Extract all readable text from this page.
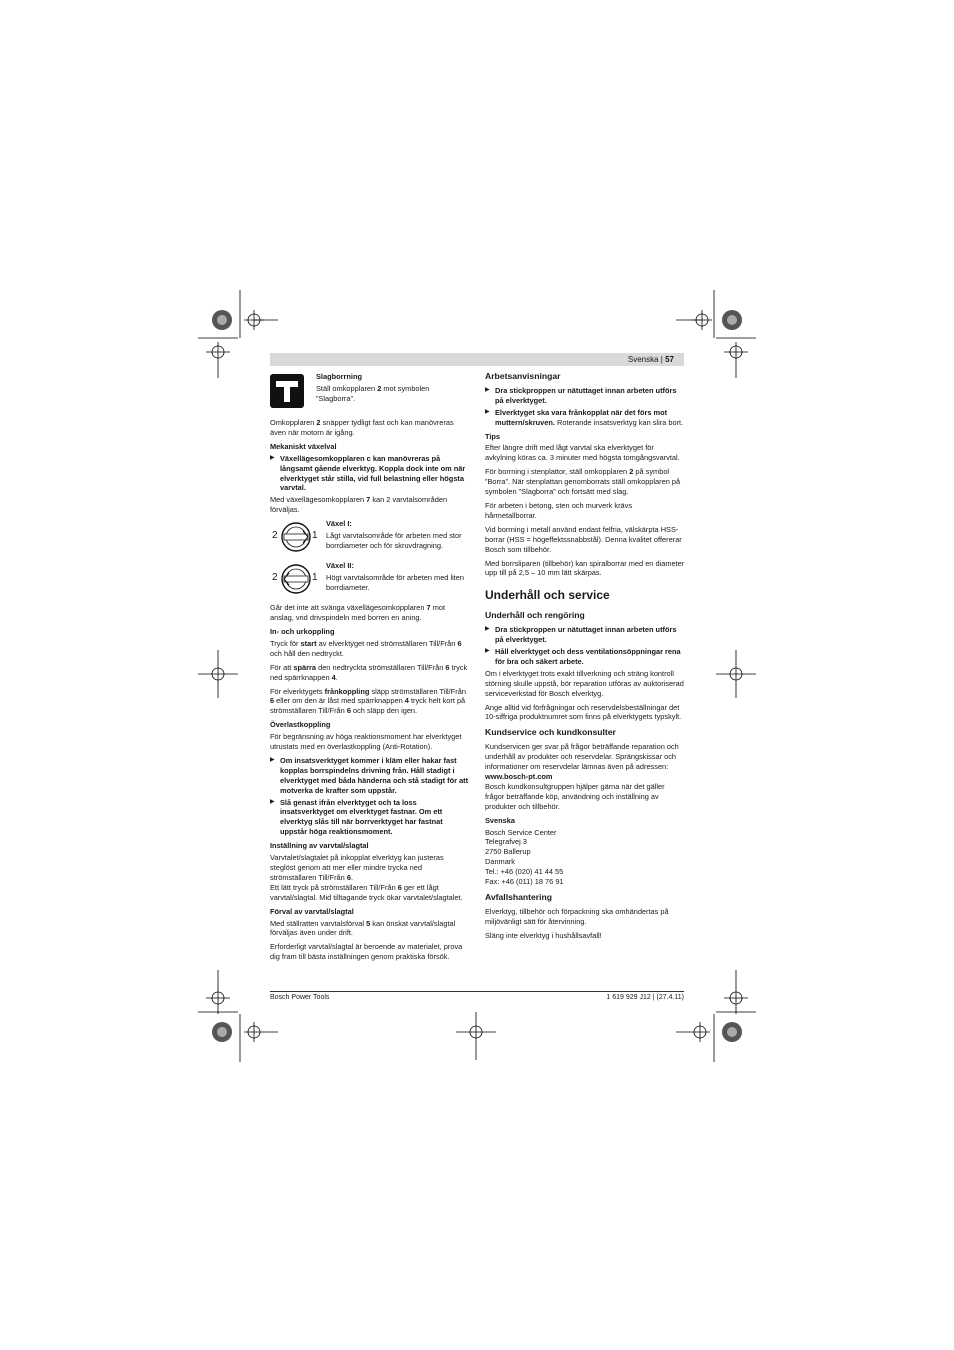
Svenska | 57
Slagborrning

Ställ omkopplaren 2 mot symbolen ”Slagborra”.

Omkopplaren 2 snäpper tydligt fast och kan manövreras även när motorn är igång.

Mekaniskt växelval

▶ Växellägesomkopplaren c kan manövreras på långsamt gående elverktyg. Koppla dock inte om när elverktyget står stilla, vid full belastning eller högsta varvtal.

Med växellägesomkopplaren 7 kan 2 varvtalsområden förväljas.

2	1
Växel I:

Lågt varvtalsområde för arbeten med stor borrdiameter och för skruvdragning.

2	1
Växel II:

Högt varvtalsområde för arbeten med liten borrdiameter.

Går det inte att svänga växellägesomkopplaren 7 mot anslag, vrid drivspindeln med borren en aning.

In- och urkoppling

Tryck för start av elverktyget ned strömställaren Till/Från 6 och håll den nedtryckt.

För att spärra den nedtryckta strömställaren Till/Från 6 tryck ned spärrknappen 4.

För elverktygets frånkoppling släpp strömställaren Till/Från 6 eller om den är låst med spärrknappen 4 tryck helt kort på strömställaren Till/Från 6 och släpp den igen.

Överlastkoppling

För begränsning av höga reaktionsmoment har elverktyget utrustats med en överlastkoppling (Anti-Rotation).

▶ Om insatsverktyget kommer i kläm eller hakar fast kopplas borrspindelns drivning från. Håll stadigt i elverktyget med båda händerna och stå stadigt för att motverka de krafter som uppstår.

▶ Slå genast ifrån elverktyget och ta loss insatsverktyget om elverktyget fastnar. Om ett elverktyg slås till när borrverktyget har fastnat uppstår höga reaktionsmoment.

Inställning av varvtal/slagtal

Varvtalet/slagtalet på inkopplat elverktyg kan justeras steglöst genom att mer eller mindre trycka ned strömställaren Till/Från 6.

Ett lätt tryck på strömställaren Till/Från 6 ger ett lågt varvtal/slagtal. Mid tilltagande tryck ökar varvtalet/slagtalet.

Förval av varvtal/slagtal

Med ställratten varvtalsförval 5 kan önskat varvtal/slagtal förväljas även under drift.

Erforderligt varvtal/slagtal är beroende av materialet, prova dig fram till bästa inställningen genom praktiska försök.

Arbetsanvisningar

▶ Dra stickproppen ur nätuttaget innan arbeten utförs på elverktyget.

▶ Elverktyget ska vara frånkopplat när det förs mot muttern/skruven. Roterande insatsverktyg kan slira bort.

Tips

Efter längre drift med lågt varvtal ska elverktyget för avkylning köras ca. 3 minuter med högsta tomgångsvarvtal.

För borrning i stenplattor, ställ omkopplaren 2 på symbol ”Borra”. När stenplattan genomborrats ställ omkopplaren på symbolen ”Slagborra” och fortsätt med slag.

För arbeten i betong, sten och murverk krävs hårmetallborrar.

Vid borrning i metall använd endast felfria, välskärpta HSS-borrar (HSS = högeffektssnabbstål). Denna kvalitet offererar Bosch som tillbehör.

Med borrsliparen (tillbehör) kan spiralborrar med en diameter upp till på 2,5 – 10 mm lätt skärpas.

Underhåll och service
Underhåll och rengöring

▶ Dra stickproppen ur nätuttaget innan arbeten utförs på elverktyget.

▶ Håll elverktyget och dess ventilationsöppningar rena för bra och säkert arbete.

Om i elverktyget trots exakt tillverkning och sträng kontroll störning skulle uppstå, bör reparation utföras av auktoriserad serviceverkstad för Bosch elverktyg.

Ange alltid vid förfrågningar och reservdelsbeställningar det 10-siffriga produktnumret som finns på elverktygets typskylt.

Kundservice och kundkonsulter

Kundservicen ger svar på frågor beträffande reparation och underhåll av produkter och reservdelar. Sprängskissar och informationer om reservdelar lämnas även på adressen:

www.bosch-pt.com

Bosch kundkonsultgruppen hjälper gärna när det gäller frågor beträffande köp, användning och inställning av produkter och tillbehör.

Svenska

Bosch Service Center

Telegrafvej 3

2750 Ballerup

Danmark

Tel.: +46 (020) 41 44 55

Fax: +46 (011) 18 76 91

Avfallshantering

Elverktyg, tillbehör och förpackning ska omhändertas på miljövänligt sätt för återvinning.

Släng inte elverktyg i hushållsavfall!

Bosch Power Tools	1 619 929 J12 | (27.4.11)
